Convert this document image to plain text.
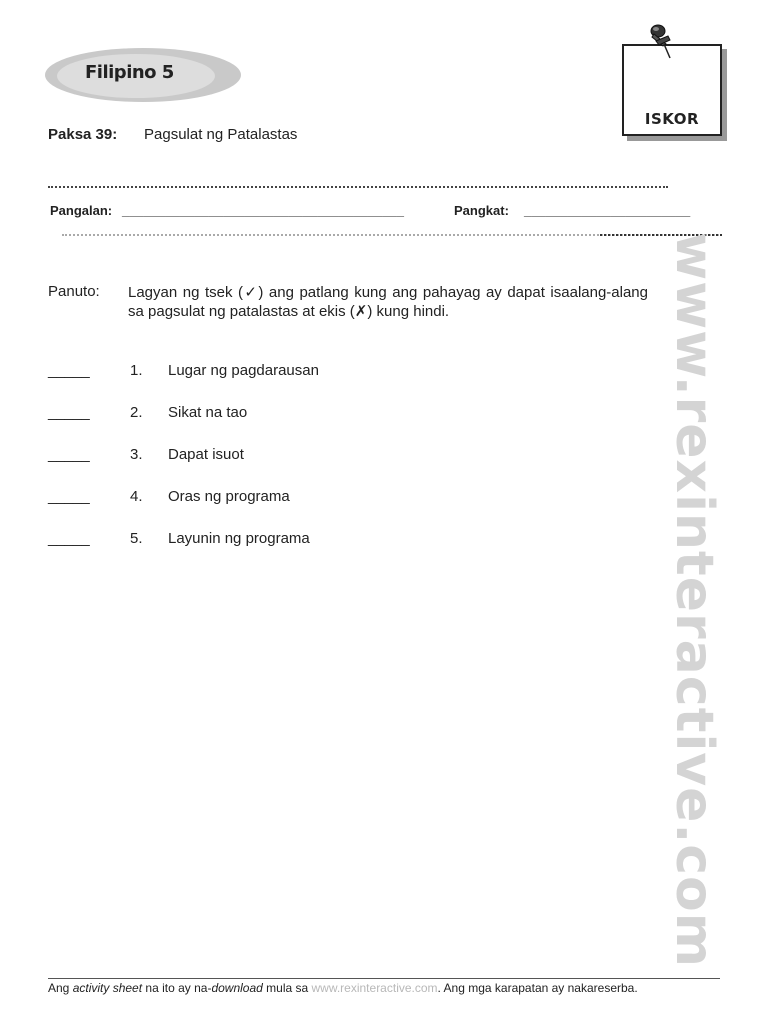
Filipino 5
ISKOR
Paksa 39: Pagsulat ng Patalastas
Pangalan: _______________________________________	Pangkat: _______________________
Panuto: Lagyan ng tsek (✓) ang patlang kung ang pahayag ay dapat isaalang-alang sa pagsulat ng patalastas at ekis (✗) kung hindi.
_____	1. Lugar ng pagdarausan
_____	2. Sikat na tao
_____	3. Dapat isuot
_____	4. Oras ng programa
_____	5. Layunin ng programa	www.rexinteractive.com
Ang activity sheet na ito ay na-download mula sa www.rexinteractive.com. Ang mga karapatan ay nakareserba.
